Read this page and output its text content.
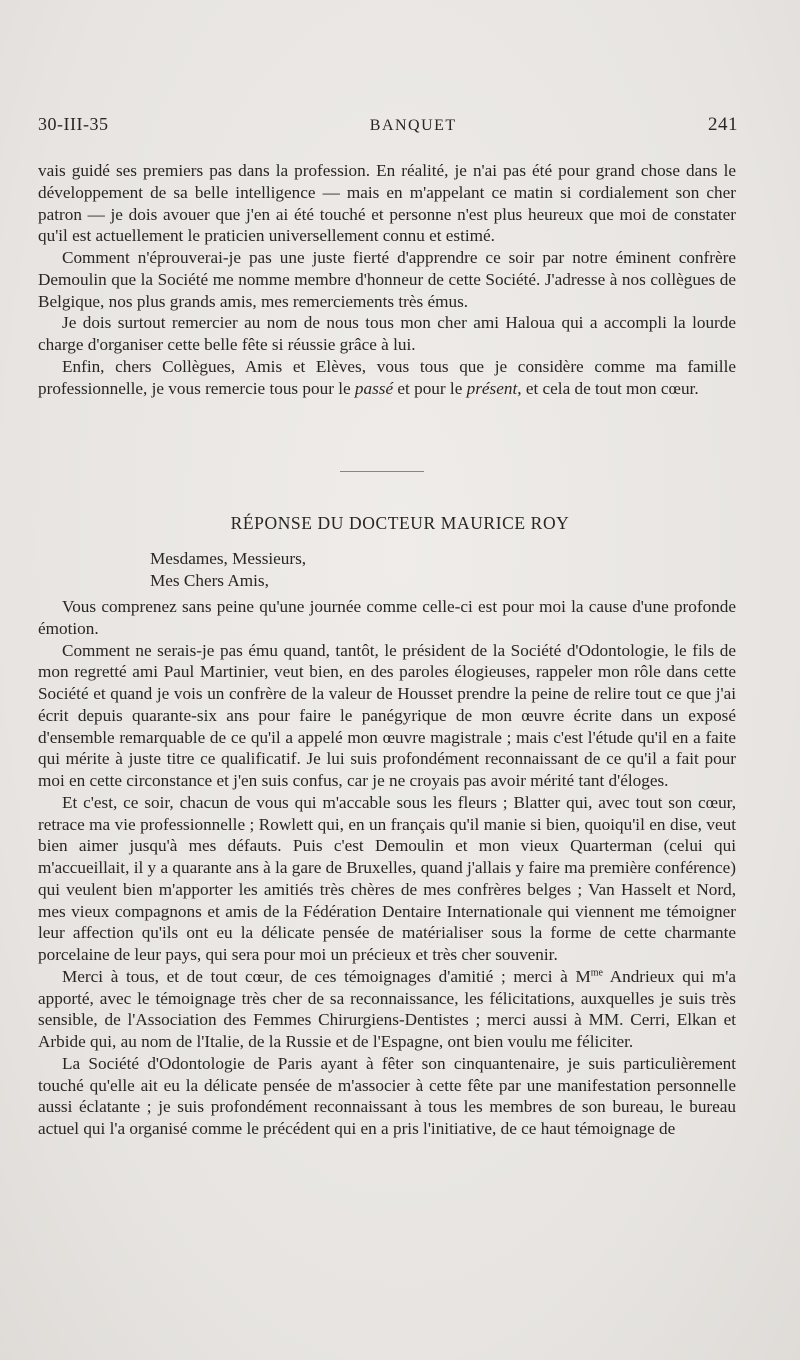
30-III-35	BANQUET	241

vais guidé ses premiers pas dans la profession. En réalité, je n'ai pas été pour grand chose dans le développement de sa belle intelligence — mais en m'appelant ce matin si cordialement son cher patron — je dois avouer que j'en ai été touché et personne n'est plus heureux que moi de constater qu'il est actuellement le praticien universellement connu et estimé.

Comment n'éprouverai-je pas une juste fierté d'apprendre ce soir par notre éminent confrère Demoulin que la Société me nomme membre d'honneur de cette Société. J'adresse à nos collègues de Belgique, nos plus grands amis, mes remerciements très émus.

Je dois surtout remercier au nom de nous tous mon cher ami Haloua qui a accompli la lourde charge d'organiser cette belle fête si réussie grâce à lui.

Enfin, chers Collègues, Amis et Elèves, vous tous que je considère comme ma famille professionnelle, je vous remercie tous pour le passé et pour le présent, et cela de tout mon cœur.

RÉPONSE DU DOCTEUR MAURICE ROY
Mesdames, Messieurs,
Mes Chers Amis,

Vous comprenez sans peine qu'une journée comme celle-ci est pour moi la cause d'une profonde émotion.

Comment ne serais-je pas ému quand, tantôt, le président de la Société d'Odontologie, le fils de mon regretté ami Paul Martinier, veut bien, en des paroles élogieuses, rappeler mon rôle dans cette Société et quand je vois un confrère de la valeur de Housset prendre la peine de relire tout ce que j'ai écrit depuis quarante-six ans pour faire le panégyrique de mon œuvre écrite dans un exposé d'ensemble remarquable de ce qu'il a appelé mon œuvre magistrale ; mais c'est l'étude qu'il en a faite qui mérite à juste titre ce qualificatif. Je lui suis profondément reconnaissant de ce qu'il a fait pour moi en cette circonstance et j'en suis confus, car je ne croyais pas avoir mérité tant d'éloges.

Et c'est, ce soir, chacun de vous qui m'accable sous les fleurs ; Blatter qui, avec tout son cœur, retrace ma vie professionnelle ; Rowlett qui, en un français qu'il manie si bien, quoiqu'il en dise, veut bien aimer jusqu'à mes défauts. Puis c'est Demoulin et mon vieux Quarterman (celui qui m'accueillait, il y a quarante ans à la gare de Bruxelles, quand j'allais y faire ma première conférence) qui veulent bien m'apporter les amitiés très chères de mes confrères belges ; Van Hasselt et Nord, mes vieux compagnons et amis de la Fédération Dentaire Internationale qui viennent me témoigner leur affection qu'ils ont eu la délicate pensée de matérialiser sous la forme de cette charmante porcelaine de leur pays, qui sera pour moi un précieux et très cher souvenir.

Merci à tous, et de tout cœur, de ces témoignages d'amitié ; merci à $M^{me}$ Andrieux qui m'a apporté, avec le témoignage très cher de sa reconnaissance, les félicitations, auxquelles je suis très sensible, de l'Association des Femmes Chirurgiens-Dentistes ; merci aussi à MM. Cerri, Elkan et Arbide qui, au nom de l'Italie, de la Russie et de l'Espagne, ont bien voulu me féliciter.

La Société d'Odontologie de Paris ayant à fêter son cinquantenaire, je suis particulièrement touché qu'elle ait eu la délicate pensée de m'associer à cette fête par une manifestation personnelle aussi éclatante ; je suis profondément reconnaissant à tous les membres de son bureau, le bureau actuel qui l'a organisé comme le précédent qui en a pris l'initiative, de ce haut témoignage de
